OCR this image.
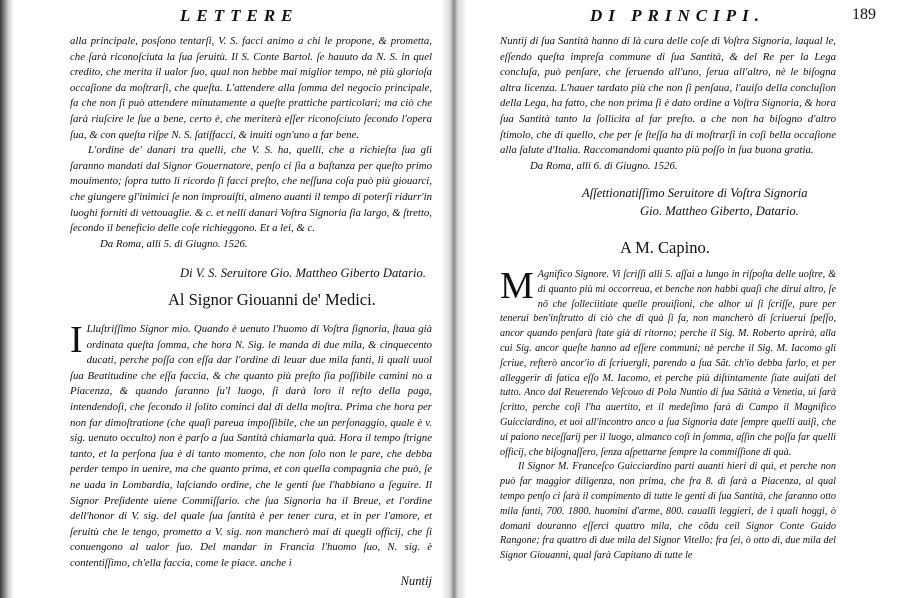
LETTERE

alla principale, posſono tentarſi, V. S. facci animo a chi le propone, & prometta, che ſarà riconoſciuta la ſua ſeruitù. Il S. Conte Bartol. ſe hauuto da N. S. in quel credito, che merita il ualor ſuo, qual non hebbe mai miglior tempo, nè più glorioſa occaſione da moſtrarſi, che queſta. L'attendere alla ſomma del negocio principale, fa che non ſi può attendere minutamente a queſte prattiche particolari; ma ciò che ſarà riuſcire le ſue a bene, certo è, che meriterà eſſer riconoſciuto ſecondo l'opera ſua, & con queſta riſpe N. S. ſatiſfacci, & inuiti ogn'uno a far bene.

L'ordine de' danari tra quelli, che V. S. ha, quelli, che a richieſta ſua gli ſaranno mandati dal Signor Gouernatore, penſo ci ſia a baſtanza per queſto primo mouimento; ſopra tutto li ricordo ſi facci preſto, che neſſuna coſa può più giouarci, che giungere gl'inimici ſe non improuiſti, almeno auanti il tempo di poterſi ridurr'in luoghi forniti di vettouaglie. & c. et nelli danari Voſtra Signoria ſia largo, & ſtretto, ſecondo il beneficio delle coſe richieggono. Et a lei, & c.

Da Roma, alli 5. di Giugno. 1526.

Di V. S. Seruitore Gio. Mattheo Giberto Datario.
Al Signor Giouanni de' Medici.
I Lluſtriſſimo Signor mio. Quando è uenuto l'huomo di Voſtra ſignoria, ſtaua già ordinata queſta ſomma, che hora N. Sig. le manda di due mila, & cinquecento ducati, perche poſſa con eſſa dar l'ordine di leuar due mila fanti, li quali uuol ſua Beatitudine che eſſa faccia, & che quanto più preſto ſia poſſibile camini no a Piacenza, & quando ſaranno ſu'l luogo, ſi darà loro il reſto della paga, intendendoſi, che ſecondo il ſolito cominci dal dì della moſtra. Prima che hora per non far dimoſtratione (che quaſi pareua impoſſibile, che un perſonaggio, quale è v. sig. uenuto occulto) non è parſo a ſua Santità chiamarla quà. Hora il tempo ſtrigne tanto, et la perſona ſua è di tanto momento, che non ſolo non le pare, che debba perder tempo in uenire, ma che quanto prima, et con quella compagnia che può, ſe ne uada in Lombardia, laſciando ordine, che le genti ſue l'habbiano a ſeguire. Il Signor Preſidente uiene Commiſſario. che ſua Signoria ha il Breue, et l'ordine dell'honor di V. sig. del quale ſua ſantità è per tener cura, et in per l'amore, et ſeruitù che le tengo, prometto a V. sig. non mancherò mai di quegli officij, che ſi conuengono al ualor ſuo. Del mandar in Francia l'huomo ſuo, N. sig. è contentiſſimo, ch'ella faccia, come le piace. anche i

Nuntij
DI PRINCIPI.	189

Nuntij di ſua Santità hanno di là cura delle coſe di Voſtra Signoria, laqual le, eſſendo queſta impreſa commune di ſua Santità, & del Re per la Lega concluſa, può penſare, che ſeruendo all'uno, ſerua all'altro, nè le biſogna altra licenza. L'hauer tardato più che non ſi penſaua, l'auiſo della concluſion della Lega, ha fatto, che non prima ſi è dato ordine a Voſtra Signoria, & hora ſua Santità tanto la ſollicita al far preſto. a che non ha biſogno d'altro ſtimolo, che di quello, che per ſe ſteſſa ha di moſtrarſi in coſi bella occaſione alla ſalute d'Italia. Raccomandomi quanto più poſſo in ſua buona gratia.

Da Roma, alli 6. di Giugno. 1526.

Aſſettionatiſſimo Seruitore di Voſtra Signoria
Gio. Mattheo Giberto, Datario.
A M. Capino.
M Agnifico Signore. Vi ſcriſſi alli 5. aſſai a lungo in riſpoſta delle uoſtre, & di quanto più mi occorreua, et benche non habbi quaſi che dirui altro, ſe nõ che ſolleciitiate quelle prouiſioni, che alhor ui ſi ſcriſſe, pure per tenerui ben'inſtrutto di ciò che di quà ſi fa, non mancherò di ſcriuerui ſpeſſo, ancor quando penſarà ſtate già di ritorno; perche il Sig. M. Roberto aprirà, alla cui Sig. ancor queſte hanno ad eſſere communi; nè perche il Sig. M. Iacomo gli ſcriue, refterò ancor'io di ſcriuergli, parendo a ſua Sãt. ch'io debba farlo, et per alleggerir di fatica eſſo M. Iacomo, et perche più diſtintamente ſiate auiſati del tutto. Anco dal Reuerendo Veſcouo di Pola Nuntio di ſua Sãtità a Venetia, ui ſarà ſcritto, perche coſi l'ha auertito, et il medeſimo farà di Campo il Magnifico Guicciardino, et uoi all'incontro anco a ſua Signoria date ſempre quelli auiſi, che ui paiono neceſſarij per il luogo, almanco coſi in ſomma, aſſin che poſſa far quelli officij, che biſognaſſero, ſenza aſpettarne ſempre la commiſſione di quà.

Il Signor M. Franceſco Guicciardino parti auanti hieri di quì, et perche non può far maggior diligenza, non prima, che fra 8. dì ſarà a Piacenza, al qual tempo penſo ci ſarà il compimento di tutte le genti di ſua Santità, che ſaranno otto mila fanti, 700. 1800. huomini d'arme, 800. caualli leggieri, de i quali hoggi, ò domani douranno eſſerci quattro mila, che cõdu ceil Signor Conte Guido Rangone; fra quattro dì due mila del Signor Vitello; fra ſei, ò otto dì, due mila del Signor Giouanni, qual ſarà Capitano di tutte le
